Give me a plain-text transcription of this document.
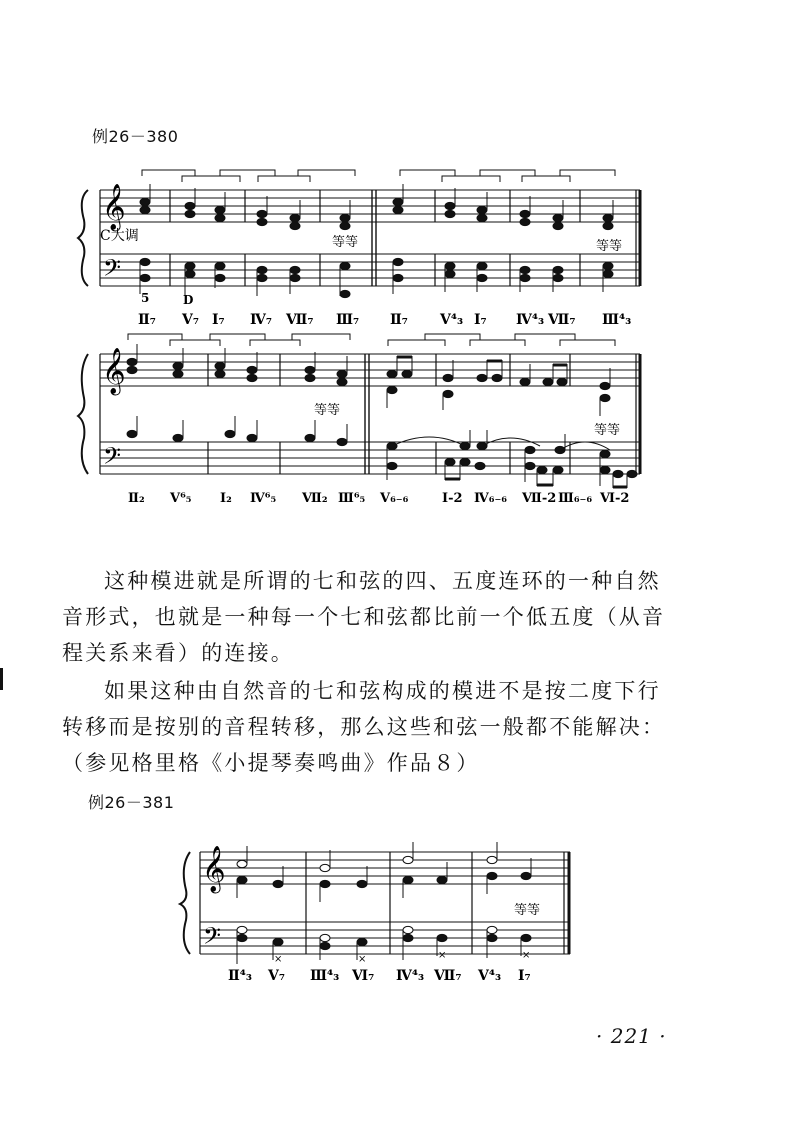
例26－380
𝄞
𝄢
C大调	等等	等等
5	D
Ⅱ₇ Ⅴ₇ Ⅰ₇ Ⅳ₇ Ⅶ₇ Ⅲ₇ Ⅱ₇ Ⅴ⁴₃ Ⅰ₇ Ⅳ⁴₃ Ⅶ₇ Ⅲ⁴₃
𝄞
𝄢
等等
等等
Ⅱ₂ Ⅴ⁶₅ Ⅰ₂ Ⅳ⁶₅ Ⅶ₂ Ⅲ⁶₅ Ⅴ₆₋₆	Ⅰ-2 Ⅳ₆₋₆ Ⅶ-2 Ⅲ₆₋₆ Ⅵ-2
这种模进就是所谓的七和弦的四、五度连环的一种自然音形式，也就是一种每一个七和弦都比前一个低五度（从音程关系来看）的连接。
如果这种由自然音的七和弦构成的模进不是按二度下行转移而是按别的音程转移，那么这些和弦一般都不能解决：（参见格里格《小提琴奏鸣曲》作品８）
例26－381
𝄞
𝄢
×	×	×	×
等等
Ⅱ⁴₃ Ⅴ₇ Ⅲ⁴₃ Ⅵ₇ Ⅳ⁴₃ Ⅶ₇ Ⅴ⁴₃ Ⅰ₇
· 221 ·
